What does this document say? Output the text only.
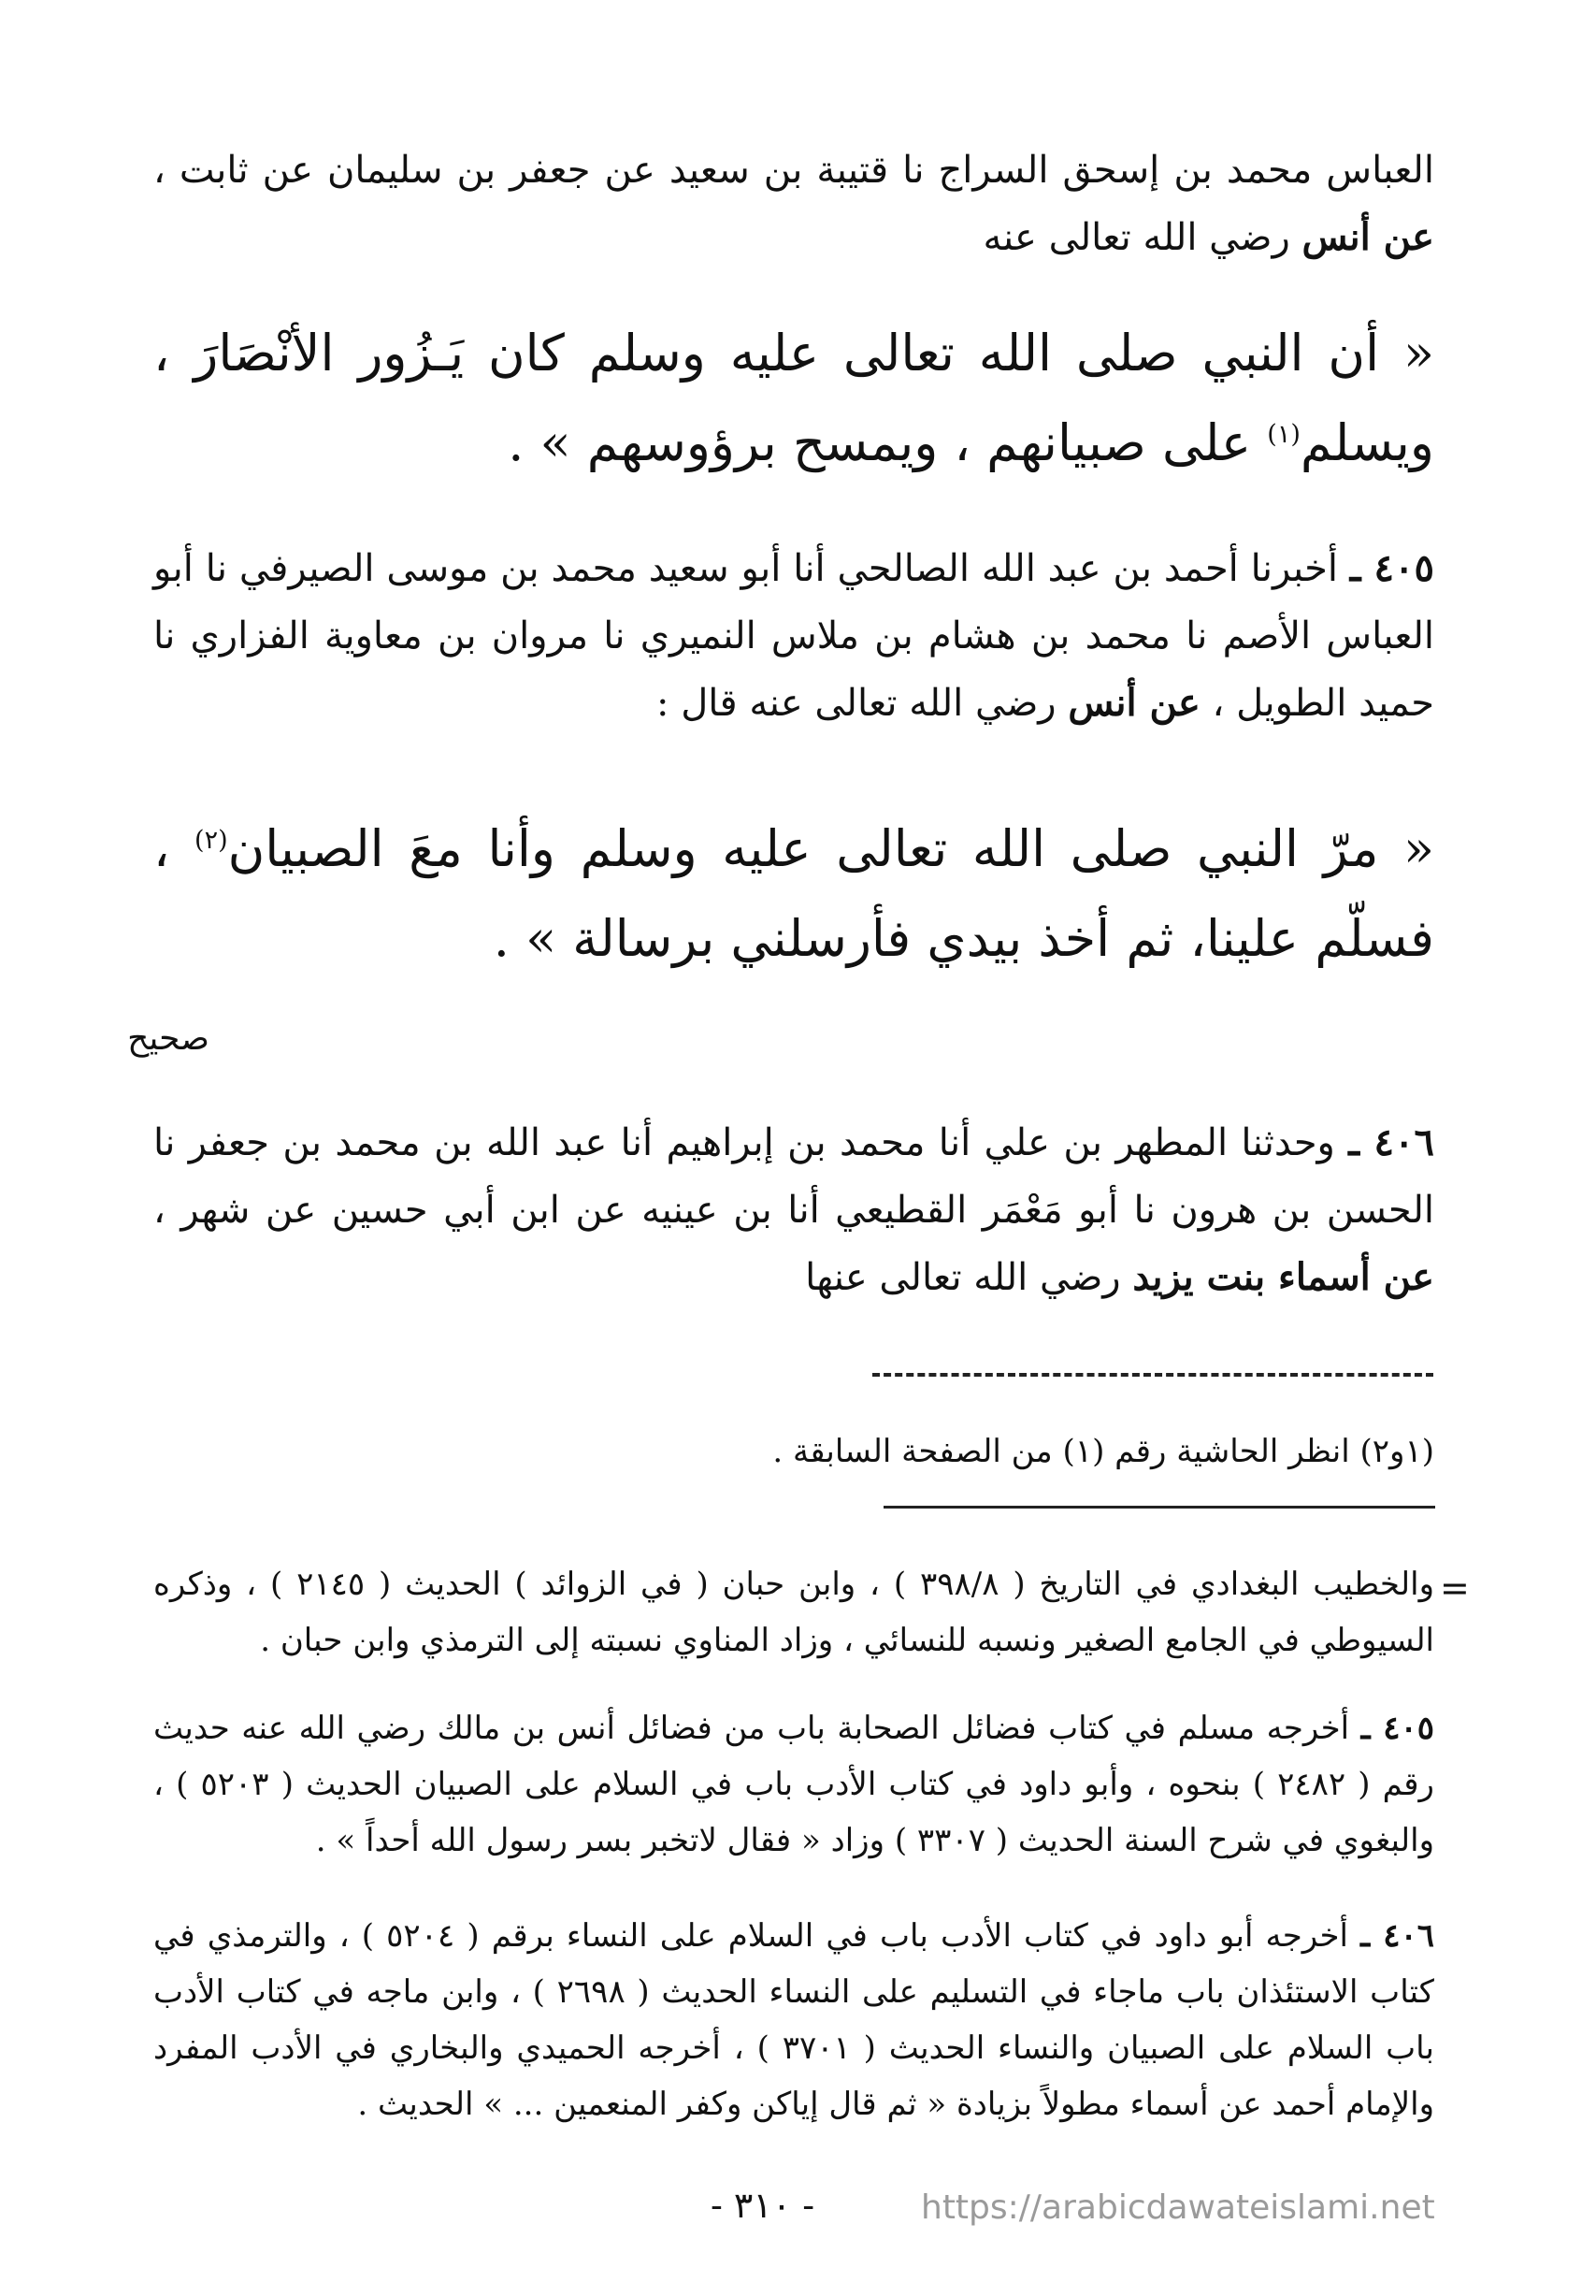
العباس محمد بن إسحق السراج نا قتيبة بن سعيد عن جعفر بن سليمان عن ثابت ، عن أنس رضي الله تعالى عنه
« أن النبي صلى الله تعالى عليه وسلم كان يَـزُور الأنْصَارَ ، ويسلم$^{(١)}$ على صبيانهم ، ويمسح برؤوسهم » .
٤٠٥ ـ أخبرنا أحمد بن عبد الله الصالحي أنا أبو سعيد محمد بن موسى الصيرفي نا أبو العباس الأصم نا محمد بن هشام بن ملاس النميري نا مروان بن معاوية الفزاري نا حميد الطويل ، عن أنس رضي الله تعالى عنه قال :
« مرّ النبي صلى الله تعالى عليه وسلم وأنا معَ الصبيان$^{(٢)}$ ، فسلّم علينا، ثم أخذ بيدي فأرسلني برسالة » .
صحيح
٤٠٦ ـ وحدثنا المطهر بن علي أنا محمد بن إبراهيم أنا عبد الله بن محمد بن جعفر نا الحسن بن هرون نا أبو مَعْمَر القطيعي أنا بن عينيه عن ابن أبي حسين عن شهر ، عن أسماء بنت يزيد رضي الله تعالى عنها
(١و٢) انظر الحاشية رقم (١) من الصفحة السابقة .
=
والخطيب البغدادي في التاريخ ( ٣٩٨/٨ ) ، وابن حبان ( في الزوائد ) الحديث ( ٢١٤٥ ) ، وذكره السيوطي في الجامع الصغير ونسبه للنسائي ، وزاد المناوي نسبته إلى الترمذي وابن حبان .
٤٠٥ ـ أخرجه مسلم في كتاب فضائل الصحابة باب من فضائل أنس بن مالك رضي الله عنه حديث رقم ( ٢٤٨٢ ) بنحوه ، وأبو داود في كتاب الأدب باب في السلام على الصبيان الحديث ( ٥٢٠٣ ) ، والبغوي في شرح السنة الحديث ( ٣٣٠٧ ) وزاد « فقال لاتخبر بسر رسول الله أحداً » .
٤٠٦ ـ أخرجه أبو داود في كتاب الأدب باب في السلام على النساء برقم ( ٥٢٠٤ ) ، والترمذي في كتاب الاستئذان باب ماجاء في التسليم على النساء الحديث ( ٢٦٩٨ ) ، وابن ماجه في كتاب الأدب باب السلام على الصبيان والنساء الحديث ( ٣٧٠١ ) ، أخرجه الحميدي والبخاري في الأدب المفرد والإمام أحمد عن أسماء مطولاً بزيادة « ثم قال إياكن وكفر المنعمين ... » الحديث .
- ٣١٠ -	https://arabicdawateislami.net
